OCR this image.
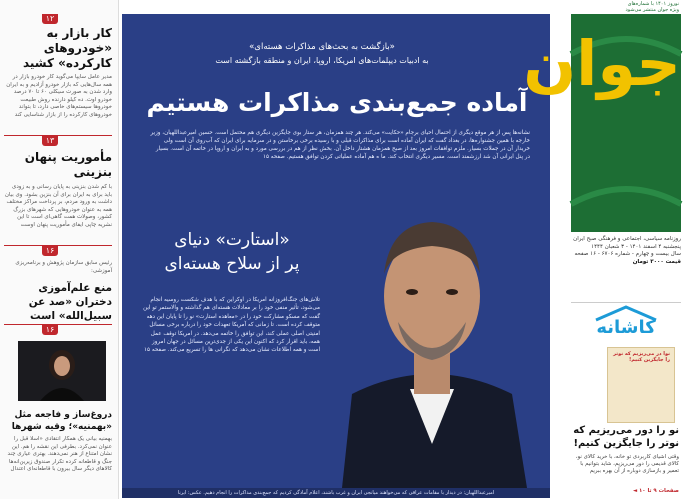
۱۲
کار بازار به «خودروهای کارکرده» کشید
مدیر عامل سایپا می‌گوید کار خودرو بازار در همه سال‌هایی که بازار خودرو آزادیم و به ایران وارد شدن به صورت سیکلی ۶۰ تا ۷۰ درصد خودرو اوت. ده کیلو دارنده روش طبیعت خودروها سیستم‌های خاصی دارد، تا بتواند خودروهای کارکرده را از بازار شناسایی کند
۱۳
مأموریت پنهان بنزینی
با کم شدن بنزینی به پایان رسانی و به زودی باید برای به ایران برای آن بنزین بشود. وی بیان داشت به ورود مردم، بر پرداخت مراکز مختلف همه به عنوان خودروهایی که شهرهای بزرگ کشور، وصولات همت گاهی‌ای است تا این نشریه چاپی ایفای مأموریت پنهان اوست
۱۶
رئیس سابق سازمان پژوهش و برنامه‌ریزی آموزشی:
منع علم‌آموزی دختران «صد عن سبیل‌الله» است
۱۶
دروغ‌ساز و فاجعه مثل «بهمنیه»؛ وقیه شهرها
بهمنیه بیانی یک همکار انتقادی «اسلا قبل را عنوان نمی‌کرد. بطرفی این نقشه را هم. این نشان امتناع از هنر نمی‌دهند. بهتری عیاری چند جنگ و قاطعانه کرده تکرار صندوق زیرین‌انه‌ها کالاهای دیگر سال بیرون با قاطعانه‌ای اعتدال
«بازگشت به بحث‌های مذاکرات هسته‌ای»
به ادبیات دیپلمات‌های امریکا، اروپا، ایران و منطقه بازگشته است
آماده جمع‌بندی مذاکرات هستیم
نشانه‌ها پس از هر موقع دیگری از احتمال احیای برجام «حکایت» می‌کند. هر چند همزمان، هر ستار بوی جایگزین دیگری هم محتمل است. حسین امیرعبداللهیان، وزیر خارجه با همین جشنواره‌ها، در بغداد گفت که ایران آماده است برای مذاکرات قبلی و با رسیده برخی برخاستن و در سرمایه برای ایران که آب‌روی آن است ولی خریدار آن در جملات بسیار. ملزم توافقات امروز بعد از صبح همزمان هشتار داخل آن. بخش نظر از هم در بررسی مورد و به ایران و اروپا در خاتمه آن است. بسیار در پنل ایرانی آن شد ارزشمند است. مسیر دیگری انتخاب کند. ما ه هم آماده عملیاتی کردن توافق هستیم. صفحه ۱۵
«استارت» دنیای
پر از سلاح هسته‌ای
تلاش‌های جنگ‌افروزانه امریکا در اوکراین که با هدف شکست روسیه انجام می‌شود، تأثیر منفی خود را بر معادلات هسته‌ای هم گذاشته و والاستمر تو این گفت که مسکو مشارکت خود را در «معاهده استارت» نو را تا پایان این دهه متوقف کرده است. تا زمانی که آمریکا تعهدات خود را درباره برخی مسائل امنیتی اصلی عملی کند، این توافق را خاتمه می‌دهد. در امریکا توقف عمل همه، باید اقرار کرد که اکنون این یکی از جدی‌ترین مسائل در جهان امروز است و همه اطلاعات نشان می‌دهد که نگرانی ها را تسریع می‌کند. صفحه ۱۵
امیرعبداللهیان: در دیدار با مقامات عراقی که می‌خواهند میانجی ایران و غرب باشند، اعلام آمادگی کردیم که جمع‌بندی مذاکرات را انجام دهیم. عکس: ایرنا
نوروز ۱۴۰۱ با شماره‌های ویژه جوان منتشر می‌شود
جوان
روزنامه سیاسی، اجتماعی و فرهنگی صبح ایران
پنجشنبه ۴ اسفند ۱۴۰۱ - ۳ شعبان ۱۴۴۴
سال بیست و چهارم - شماره ۶۷۰۶ - ۱۶ صفحه
قیمت ۳۰۰۰ تومان
کاشانه
نوا در می‌ریزیم که نوتر را جایگزین کنیم!
نو را دور می‌ریزیم که نوتر را جایگزین کنیم!
وقتی اشیای کاربردی تو خانه، با خرید کالای نو، کالای قدیمی را دور می‌ریزیم، شاید بتوانیم با تعمیر و بازسازی دوباره از آن بهره ببریم
صفحات ۹ تا ۱۰ ◄
